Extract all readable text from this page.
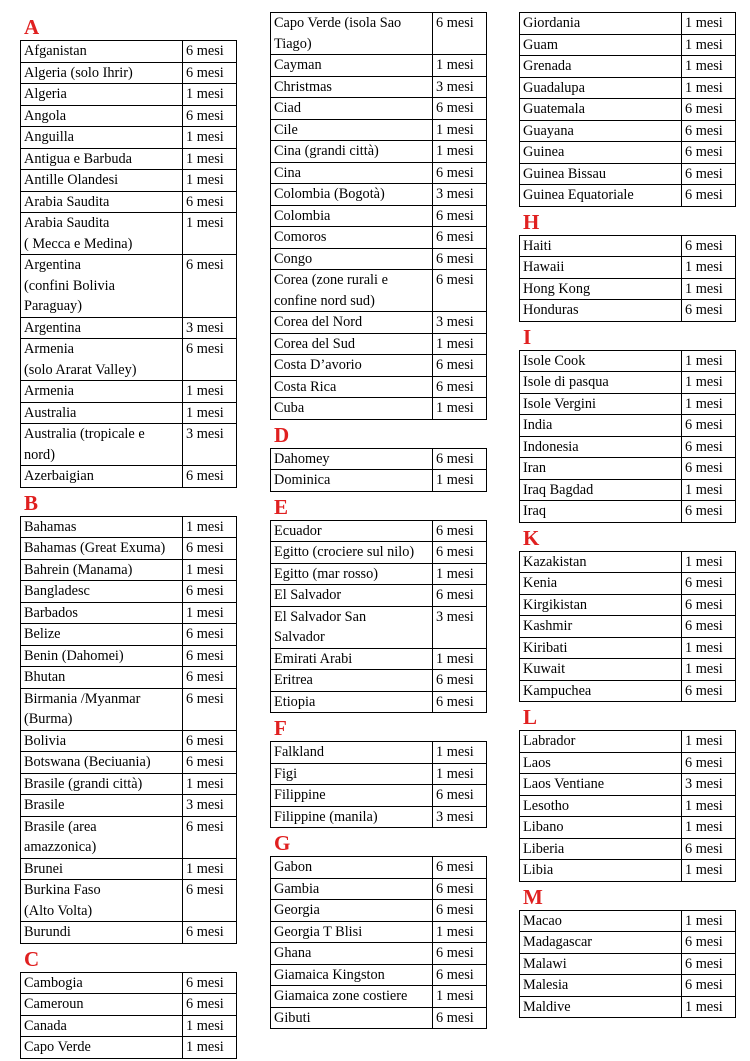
A
Afganistan	6 mesi
Algeria (solo Ihrir)	6 mesi
Algeria	1 mesi
Angola	6 mesi
Anguilla	1 mesi
Antigua e Barbuda	1 mesi
Antille Olandesi	1 mesi
Arabia Saudita	6 mesi
Arabia Saudita
( Mecca e Medina)	1 mesi
Argentina
(confini Bolivia
Paraguay)	6 mesi
Argentina	3 mesi
Armenia
(solo Ararat Valley)	6 mesi
Armenia	1 mesi
Australia	1 mesi
Australia (tropicale e
nord)	3 mesi
Azerbaigian	6 mesi
B
Bahamas	1 mesi
Bahamas (Great Exuma)	6 mesi
Bahrein (Manama)	1 mesi
Bangladesc	6 mesi
Barbados	1 mesi
Belize	6 mesi
Benin (Dahomei)	6 mesi
Bhutan	6 mesi
Birmania /Myanmar
(Burma)	6 mesi
Bolivia	6 mesi
Botswana (Beciuania)	6 mesi
Brasile (grandi città)	1 mesi
Brasile	3 mesi
Brasile (area
amazzonica)	6 mesi
Brunei	1 mesi
Burkina Faso
(Alto Volta)	6 mesi
Burundi	6 mesi
C
Cambogia	6 mesi
Cameroun	6 mesi
Canada	1 mesi
Capo Verde	1 mesi
Capo Verde (isola Sao
Tiago)	6 mesi
Cayman	1 mesi
Christmas	3 mesi
Ciad	6 mesi
Cile	1 mesi
Cina (grandi città)	1 mesi
Cina	6 mesi
Colombia (Bogotà)	3 mesi
Colombia	6 mesi
Comoros	6 mesi
Congo	6 mesi
Corea (zone rurali e
confine nord sud)	6 mesi
Corea del Nord	3 mesi
Corea del Sud	1 mesi
Costa D’avorio	6 mesi
Costa Rica	6 mesi
Cuba	1 mesi
D
Dahomey	6 mesi
Dominica	1 mesi
E
Ecuador	6 mesi
Egitto (crociere sul nilo)	6 mesi
Egitto (mar rosso)	1 mesi
El Salvador	6 mesi
El Salvador San
Salvador	3 mesi
Emirati Arabi	1 mesi
Eritrea	6 mesi
Etiopia	6 mesi
F
Falkland	1 mesi
Figi	1 mesi
Filippine	6 mesi
Filippine (manila)	3 mesi
G
Gabon	6 mesi
Gambia	6 mesi
Georgia	6 mesi
Georgia T Blisi	1 mesi
Ghana	6 mesi
Giamaica Kingston	6 mesi
Giamaica zone costiere	1 mesi
Gibuti	6 mesi
Giordania	1 mesi
Guam	1 mesi
Grenada	1 mesi
Guadalupa	1 mesi
Guatemala	6 mesi
Guayana	6 mesi
Guinea	6 mesi
Guinea Bissau	6 mesi
Guinea Equatoriale	6 mesi
H
Haiti	6 mesi
Hawaii	1 mesi
Hong Kong	1 mesi
Honduras	6 mesi
I
Isole Cook	1 mesi
Isole di pasqua	1 mesi
Isole Vergini	1 mesi
India	6 mesi
Indonesia	6 mesi
Iran	6 mesi
Iraq Bagdad	1 mesi
Iraq	6 mesi
K
Kazakistan	1 mesi
Kenia	6 mesi
Kirgikistan	6 mesi
Kashmir	6 mesi
Kiribati	1 mesi
Kuwait	1 mesi
Kampuchea	6 mesi
L
Labrador	1 mesi
Laos	6 mesi
Laos Ventiane	3 mesi
Lesotho	1 mesi
Libano	1 mesi
Liberia	6 mesi
Libia	1 mesi
M
Macao	1 mesi
Madagascar	6 mesi
Malawi	6 mesi
Malesia	6 mesi
Maldive	1 mesi
